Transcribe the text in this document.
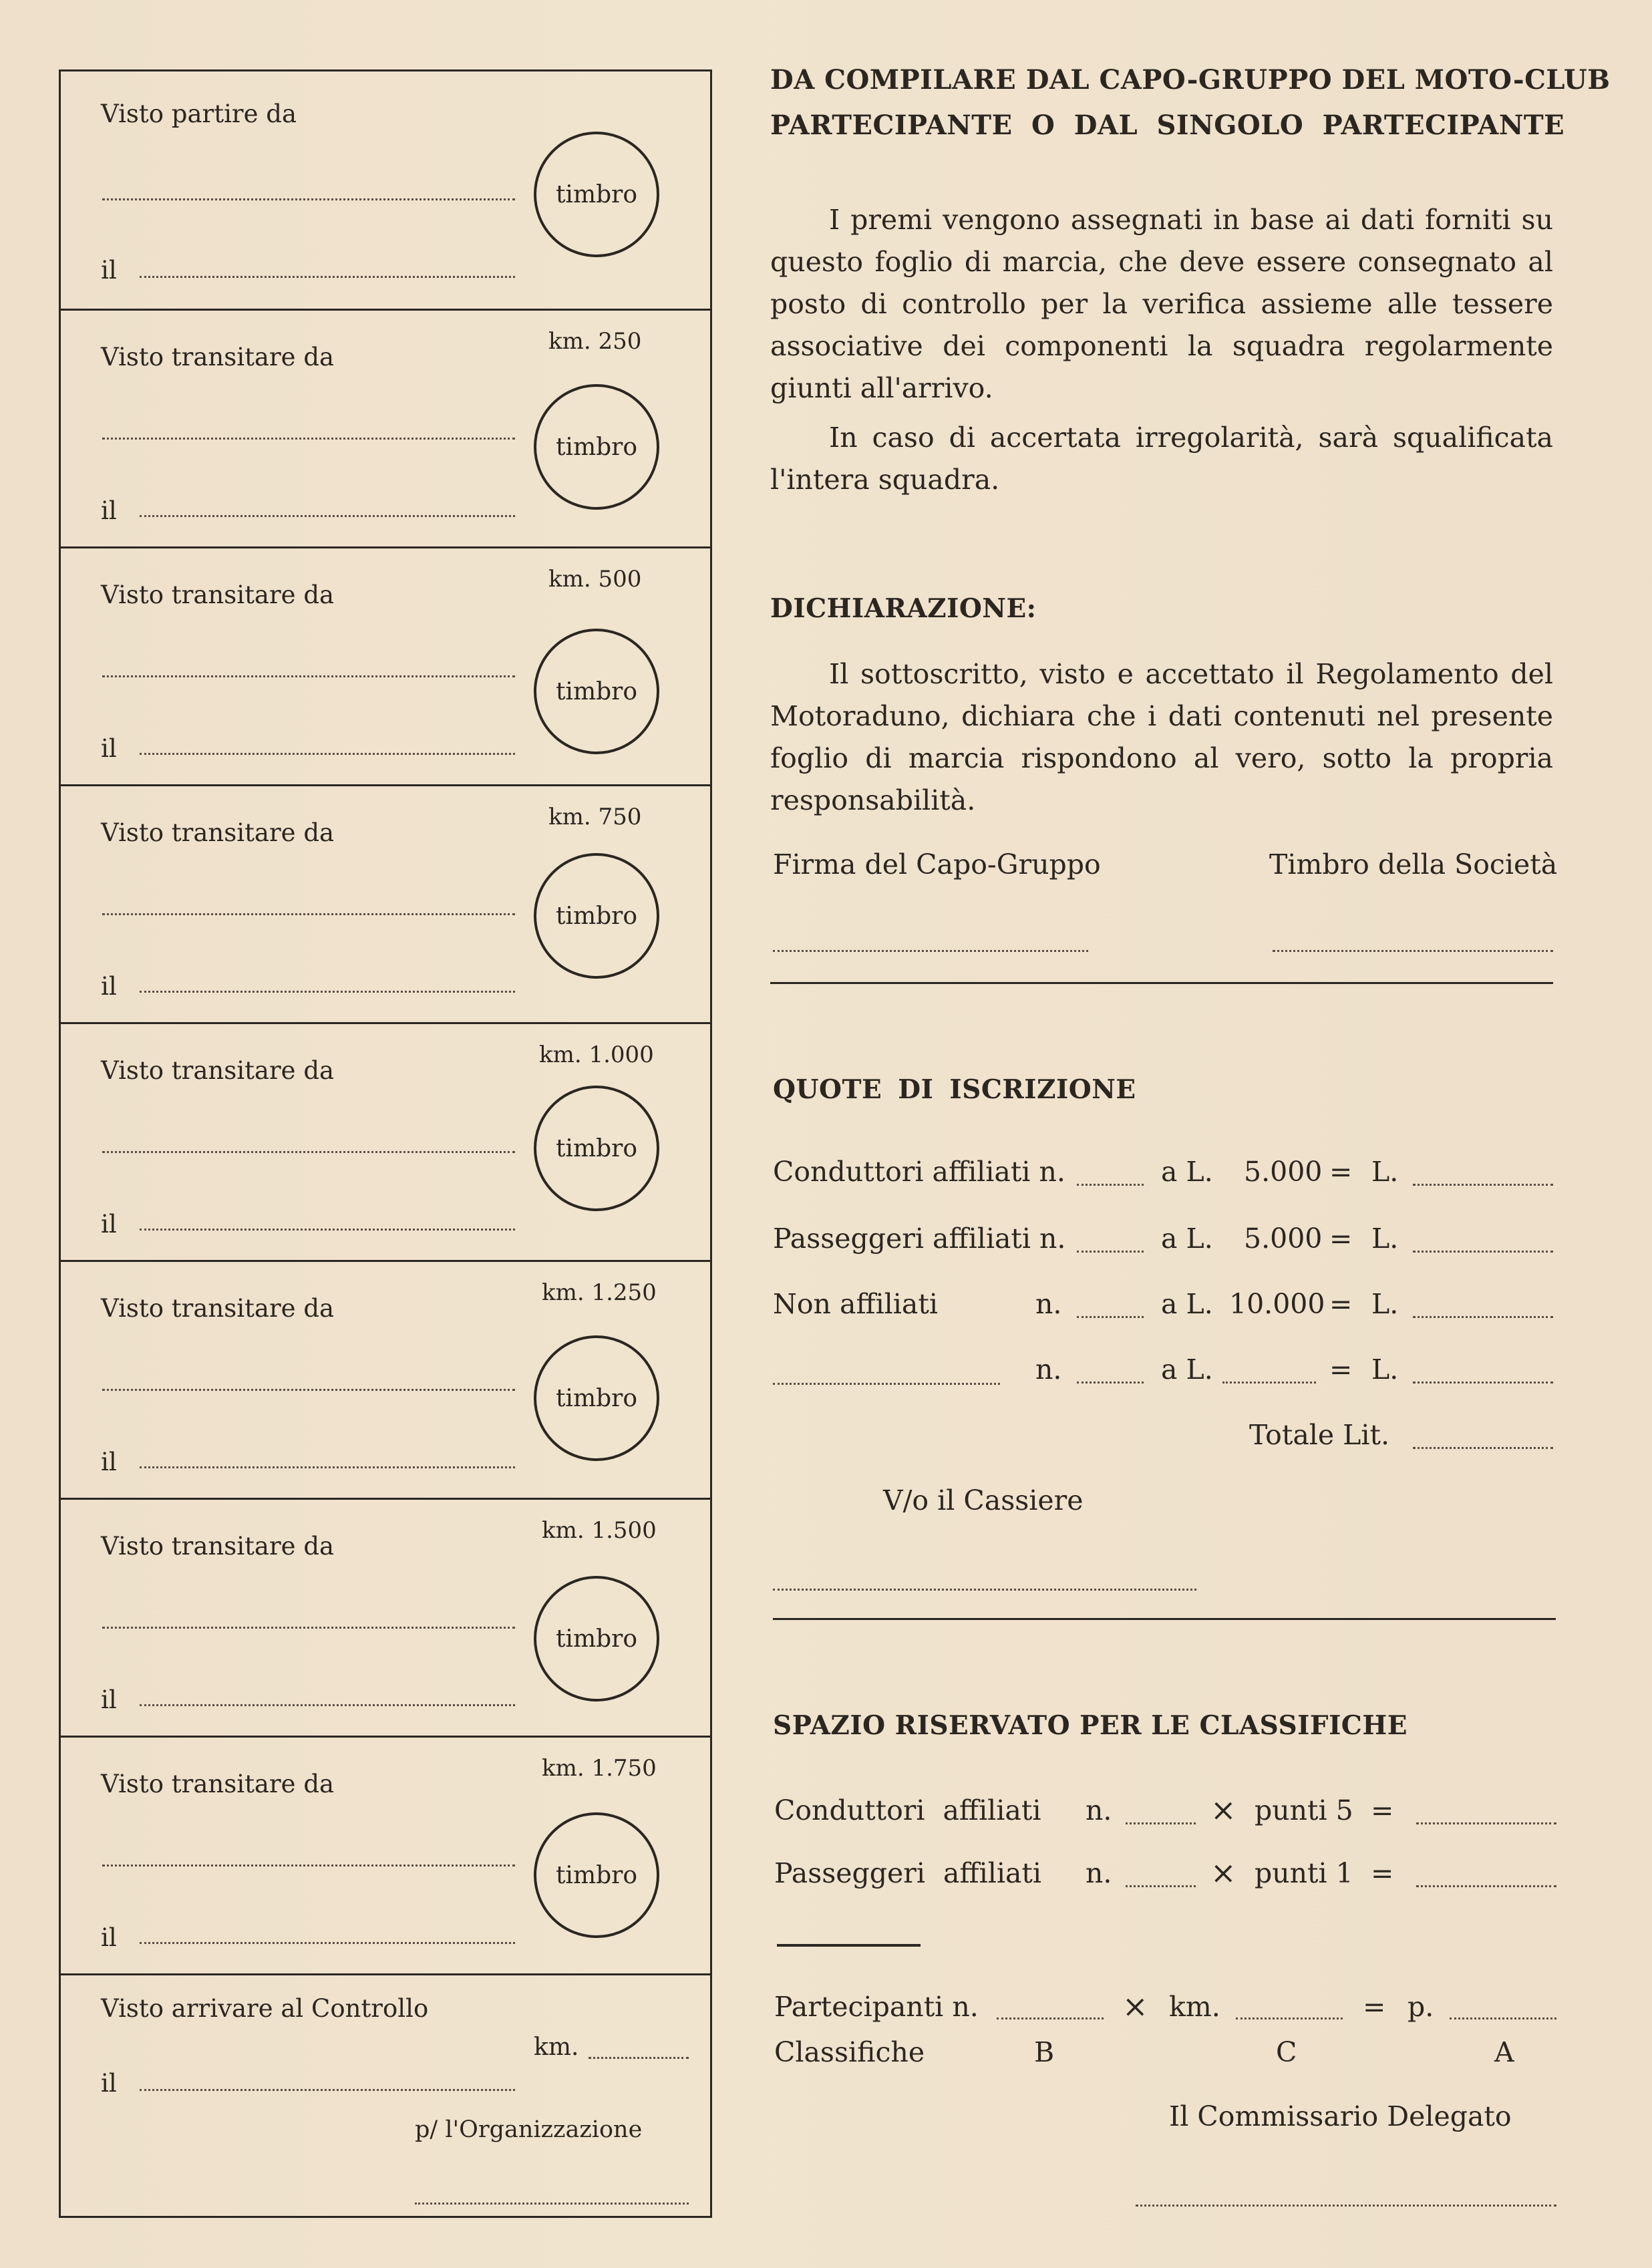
Visto partire da
il
timbro
Visto transitare da
km. 250
il
timbro
Visto transitare da
km. 500
il
timbro
Visto transitare da
km. 750
il
timbro
Visto transitare da
km. 1.000
il
timbro
Visto transitare da
km. 1.250
il
timbro
Visto transitare da
km. 1.500
il
timbro
Visto transitare da
km. 1.750
il
timbro
Visto arrivare al Controllo
km.
il
p/ l'Organizzazione
DA COMPILARE DAL CAPO-GRUPPO DEL MOTO-CLUB
PARTECIPANTE O DAL SINGOLO PARTECIPANTE
I premi vengono assegnati in base ai dati forniti su questo foglio di marcia, che deve essere consegnato al posto di controllo per la verifica assieme alle tessere associative dei componenti la squadra regolarmente giunti all'arrivo.
In caso di accertata irregolarità, sarà squalificata l'intera squadra.
DICHIARAZIONE:
Il sottoscritto, visto e accettato il Regolamento del Motoraduno, dichiara che i dati contenuti nel presente foglio di marcia rispondono al vero, sotto la propria responsabilità.
Firma del Capo-Gruppo	Timbro della Società
QUOTE DI ISCRIZIONE
Conduttori affiliati n.	a L. 5.000 = L.
Passeggeri affiliati n.	a L. 5.000 = L.
Non affiliati	n.	a L. 10.000 = L.
n.	a L.	= L.
Totale Lit.
V/o il Cassiere
SPAZIO RISERVATO PER LE CLASSIFICHE
Conduttori affiliati n.	× punti 5 =
Passeggeri affiliati n.	× punti 1 =
Partecipanti n.	× km.	= p.
Classifiche	B	C	A
Il Commissario Delegato
